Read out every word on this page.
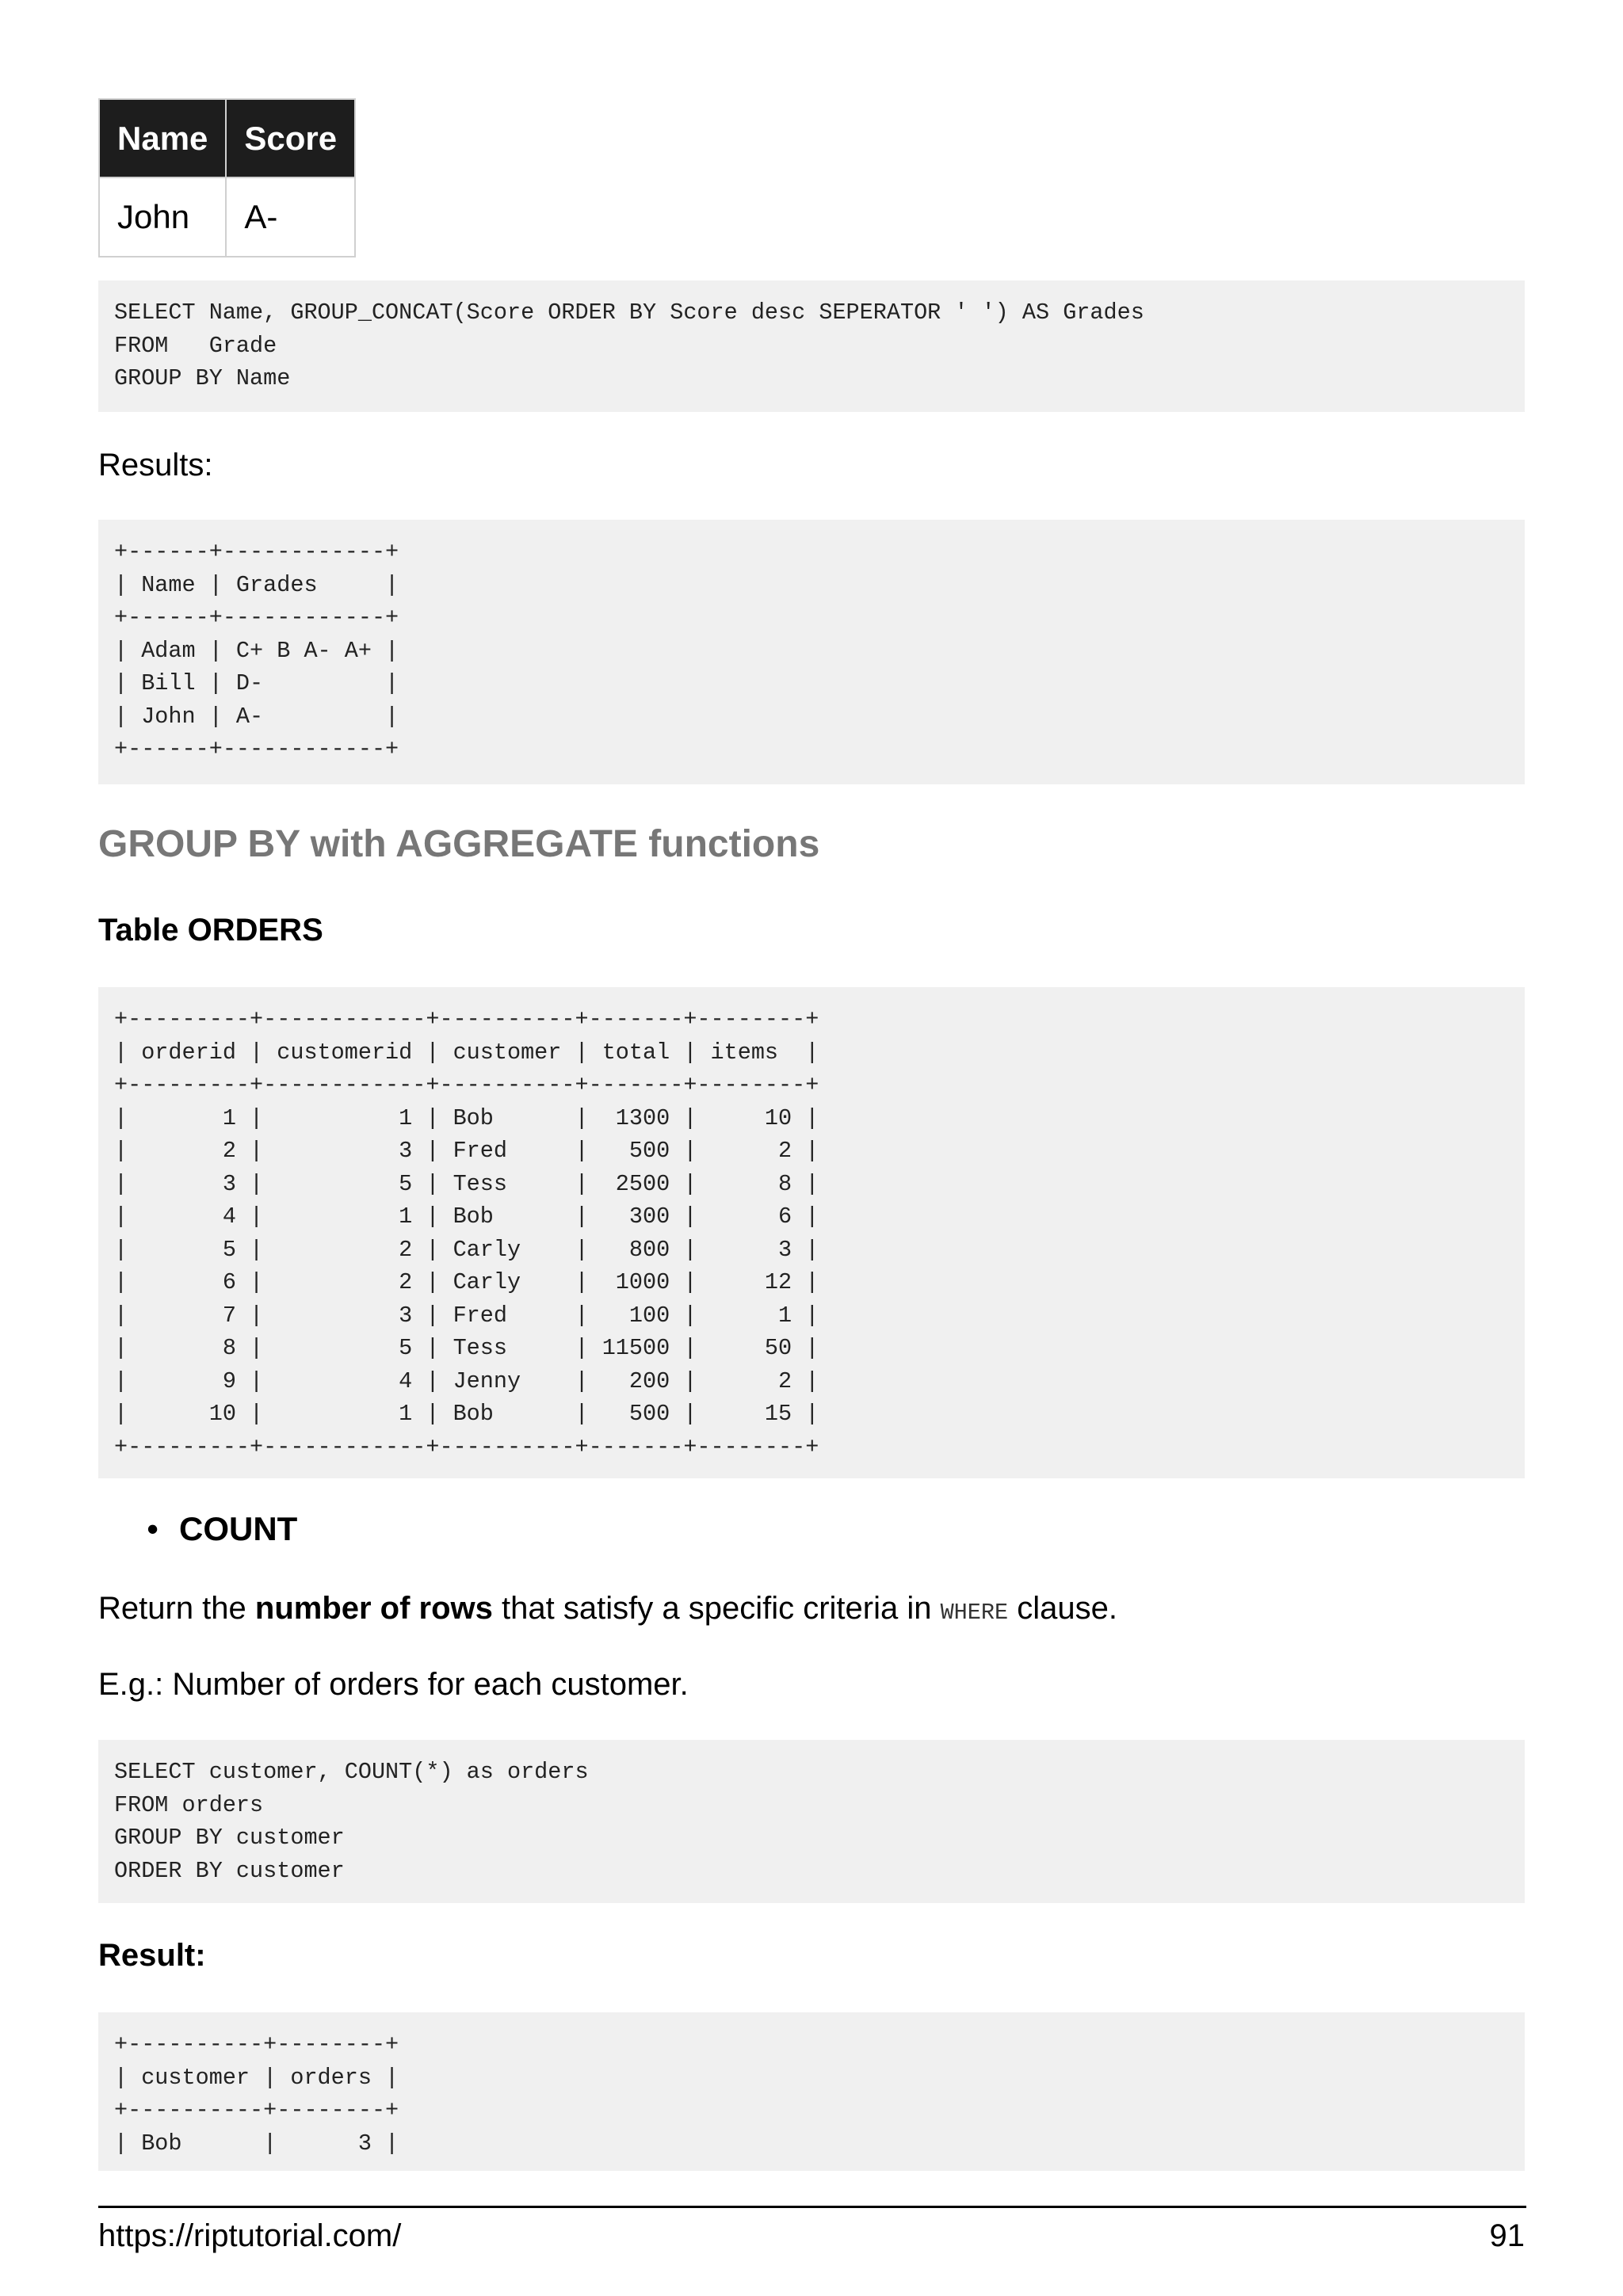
Name	Score
John	A-
SELECT Name, GROUP_CONCAT(Score ORDER BY Score desc SEPERATOR ' ') AS Grades
FROM   Grade
GROUP BY Name

Results:

+------+------------+
| Name | Grades     |
+------+------------+
| Adam | C+ B A- A+ |
| Bill | D-         |
| John | A-         |
+------+------------+
GROUP BY with AGGREGATE functions
Table ORDERS
+---------+------------+----------+-------+--------+
| orderid | customerid | customer | total | items  |
+---------+------------+----------+-------+--------+
|       1 |          1 | Bob      |  1300 |     10 |
|       2 |          3 | Fred     |   500 |      2 |
|       3 |          5 | Tess     |  2500 |      8 |
|       4 |          1 | Bob      |   300 |      6 |
|       5 |          2 | Carly    |   800 |      3 |
|       6 |          2 | Carly    |  1000 |     12 |
|       7 |          3 | Fred     |   100 |      1 |
|       8 |          5 | Tess     | 11500 |     50 |
|       9 |          4 | Jenny    |   200 |      2 |
|      10 |          1 | Bob      |   500 |     15 |
+---------+------------+----------+-------+--------+
• COUNT

Return the number of rows that satisfy a specific criteria in WHERE clause.

E.g.: Number of orders for each customer.

SELECT customer, COUNT(*) as orders
FROM orders
GROUP BY customer
ORDER BY customer
Result:
+----------+--------+
| customer | orders |
+----------+--------+
| Bob      |      3 |
https://riptutorial.com/	91
